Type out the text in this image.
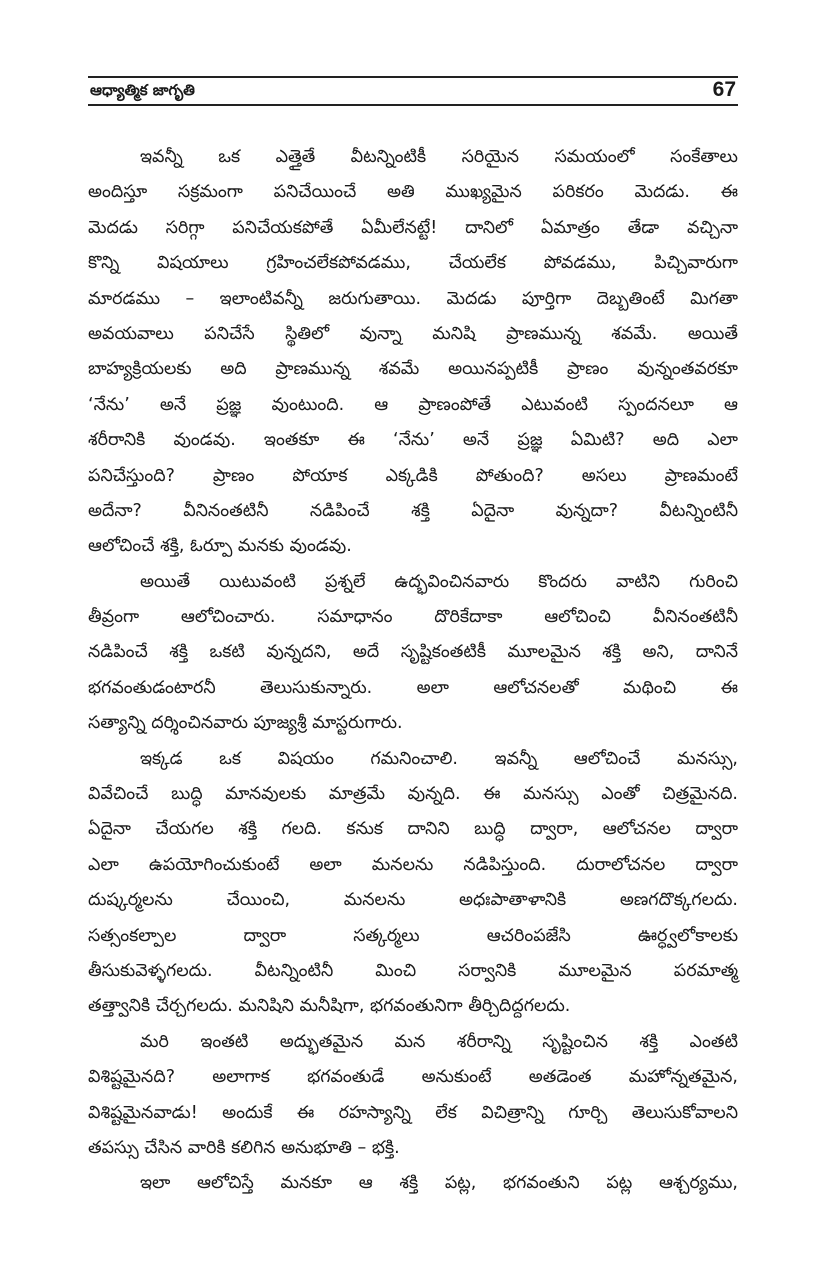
ఆధ్యాత్మిక జాగృతి	67
ఇవన్నీ ఒక ఎత్తైతే వీటన్నింటికీ సరియైన సమయంలో సంకేతాలు
అందిస్తూ సక్రమంగా పనిచేయించే అతి ముఖ్యమైన పరికరం మెదడు. ఈ
మెదడు సరిగ్గా పనిచేయకపోతే ఏమీలేనట్టే! దానిలో ఏమాత్రం తేడా వచ్చినా
కొన్ని విషయాలు గ్రహించలేకపోవడము, చేయలేక పోవడము, పిచ్చివారుగా
మారడము – ఇలాంటివన్నీ జరుగుతాయి. మెదడు పూర్తిగా దెబ్బతింటే మిగతా
అవయవాలు పనిచేసే స్థితిలో వున్నా మనిషి ప్రాణమున్న శవమే. అయితే
బాహ్యక్రియలకు అది ప్రాణమున్న శవమే అయినప్పటికీ ప్రాణం వున్నంతవరకూ
‘నేను’ అనే ప్రజ్ఞ వుంటుంది. ఆ ప్రాణంపోతే ఎటువంటి స్పందనలూ ఆ
శరీరానికి వుండవు. ఇంతకూ ఈ ‘నేను’ అనే ప్రజ్ఞ ఏమిటి? అది ఎలా
పనిచేస్తుంది? ప్రాణం పోయాక ఎక్కడికి పోతుంది? అసలు ప్రాణమంటే
అదేనా? వీనినంతటినీ నడిపించే శక్తి ఏదైనా వున్నదా? వీటన్నింటినీ
ఆలోచించే శక్తి, ఓర్పూ మనకు వుండవు.
అయితే యిటువంటి ప్రశ్నలే ఉద్భవించినవారు కొందరు వాటిని గురించి
తీవ్రంగా ఆలోచించారు. సమాధానం దొరికేదాకా ఆలోచించి వీనినంతటినీ
నడిపించే శక్తి ఒకటి వున్నదని, అదే సృష్టికంతటికీ మూలమైన శక్తి అని, దానినే
భగవంతుడంటారనీ తెలుసుకున్నారు. అలా ఆలోచనలతో మథించి ఈ
సత్యాన్ని దర్శించినవారు పూజ్యశ్రీ మాస్టరుగారు.
ఇక్కడ ఒక విషయం గమనించాలి. ఇవన్నీ ఆలోచించే మనస్సు,
వివేచించే బుద్ధి మానవులకు మాత్రమే వున్నది. ఈ మనస్సు ఎంతో చిత్రమైనది.
ఏదైనా చేయగల శక్తి గలది. కనుక దానిని బుద్ధి ద్వారా, ఆలోచనల ద్వారా
ఎలా ఉపయోగించుకుంటే అలా మనలను నడిపిస్తుంది. దురాలోచనల ద్వారా
దుష్కర్మలను చేయించి, మనలను అధఃపాతాళానికి అణగదొక్కగలదు.
సత్సంకల్పాల ద్వారా సత్కర్మలు ఆచరింపజేసి ఊర్ధ్వలోకాలకు
తీసుకువెళ్ళగలదు. వీటన్నింటినీ మించి సర్వానికి మూలమైన పరమాత్మ
తత్త్వానికి చేర్చగలదు. మనిషిని మనీషిగా, భగవంతునిగా తీర్చిదిద్దగలదు.
మరి ఇంతటి అద్భుతమైన మన శరీరాన్ని సృష్టించిన శక్తి ఎంతటి
విశిష్టమైనది? అలాగాక భగవంతుడే అనుకుంటే అతడెంత మహోన్నతమైన,
విశిష్టమైనవాడు! అందుకే ఈ రహస్యాన్ని లేక విచిత్రాన్ని గూర్చి తెలుసుకోవాలని
తపస్సు చేసిన వారికి కలిగిన అనుభూతి – భక్తి.
ఇలా ఆలోచిస్తే మనకూ ఆ శక్తి పట్ల, భగవంతుని పట్ల ఆశ్చర్యము,
